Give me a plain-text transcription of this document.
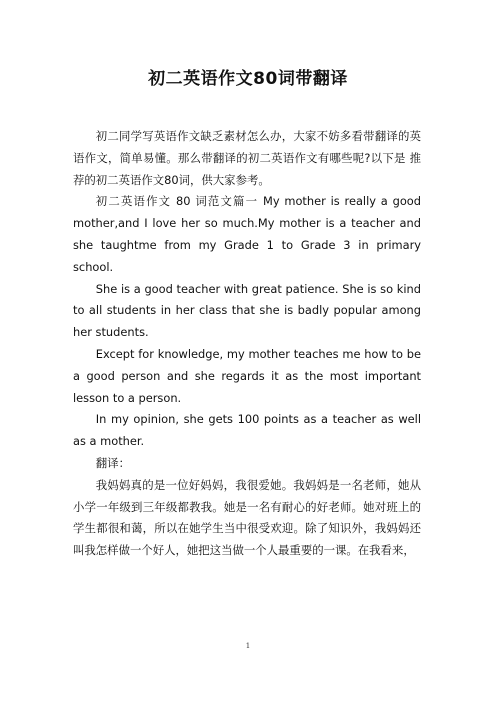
初二英语作文80词带翻译

初二同学写英语作文缺乏素材怎么办，大家不妨多看带翻译的英语作文，简单易懂。那么带翻译的初二英语作文有哪些呢?以下是 推荐的初二英语作文80词，供大家参考。

初二英语作文 80 词范文篇一 My mother is really a good mother,and I love her so much.My mother is a teacher and she taughtme from my Grade 1 to Grade 3 in primary school.

She is a good teacher with great patience. She is so kind to all students in her class that she is badly popular among her students.

Except for knowledge, my mother teaches me how to be a good person and she regards it as the most important lesson to a person.

In my opinion, she gets 100 points as a teacher as well as a mother.

翻译：

我妈妈真的是一位好妈妈，我很爱她。我妈妈是一名老师，她从小学一年级到三年级都教我。她是一名有耐心的好老师。她对班上的学生都很和蔼，所以在她学生当中很受欢迎。除了知识外，我妈妈还叫我怎样做一个好人，她把这当做一个人最重要的一课。在我看来，

1
